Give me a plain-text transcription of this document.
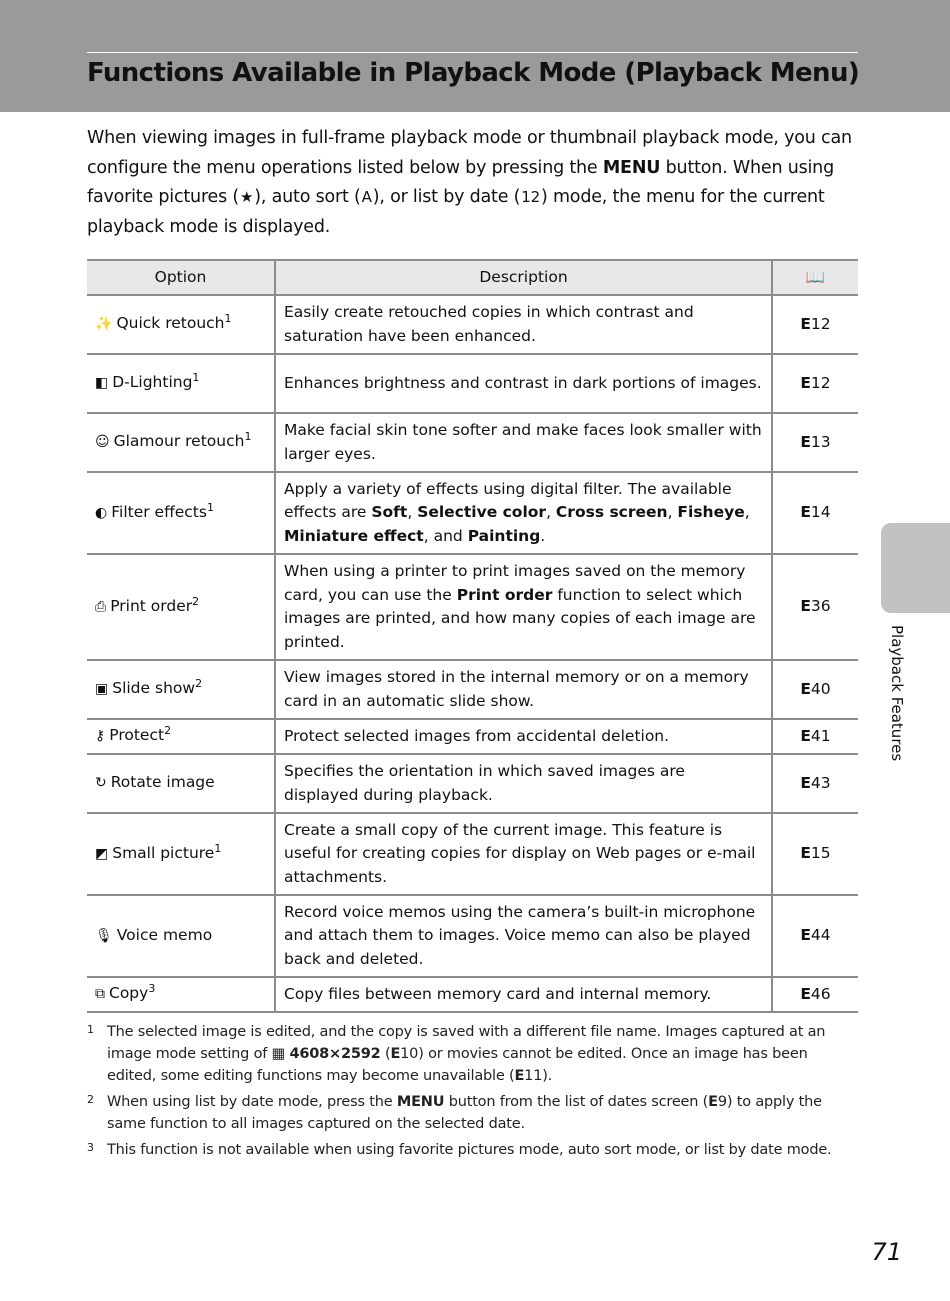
Functions Available in Playback Mode (Playback Menu)
When viewing images in full-frame playback mode or thumbnail playback mode, you can configure the menu operations listed below by pressing the MENU button. When using favorite pictures (★), auto sort (A), or list by date (12) mode, the menu for the current playback mode is displayed.
Option	Description	📖
✨ Quick retouch$^1$	Easily create retouched copies in which contrast and saturation have been enhanced.	E12
◧ D-Lighting$^1$	Enhances brightness and contrast in dark portions of images.	E12
☺ Glamour retouch$^1$	Make facial skin tone softer and make faces look smaller with larger eyes.	E13
◐ Filter effects$^1$	Apply a variety of effects using digital filter. The available effects are Soft, Selective color, Cross screen, Fisheye, Miniature effect, and Painting.	E14
⎙ Print order$^2$	When using a printer to print images saved on the memory card, you can use the Print order function to select which images are printed, and how many copies of each image are printed.	E36
▣ Slide show$^2$	View images stored in the internal memory or on a memory card in an automatic slide show.	E40
⚷ Protect$^2$	Protect selected images from accidental deletion.	E41
↻ Rotate image	Specifies the orientation in which saved images are displayed during playback.	E43
◩ Small picture$^1$	Create a small copy of the current image. This feature is useful for creating copies for display on Web pages or e-mail attachments.	E15
🎙 Voice memo	Record voice memos using the camera’s built-in microphone and attach them to images. Voice memo can also be played back and deleted.	E44
⧉ Copy$^3$	Copy files between memory card and internal memory.	E46
1 The selected image is edited, and the copy is saved with a different file name. Images captured at an image mode setting of ▦ 4608×2592 (E10) or movies cannot be edited. Once an image has been edited, some editing functions may become unavailable (E11).
2 When using list by date mode, press the MENU button from the list of dates screen (E9) to apply the same function to all images captured on the selected date.
3 This function is not available when using favorite pictures mode, auto sort mode, or list by date mode.
Playback Features
71
